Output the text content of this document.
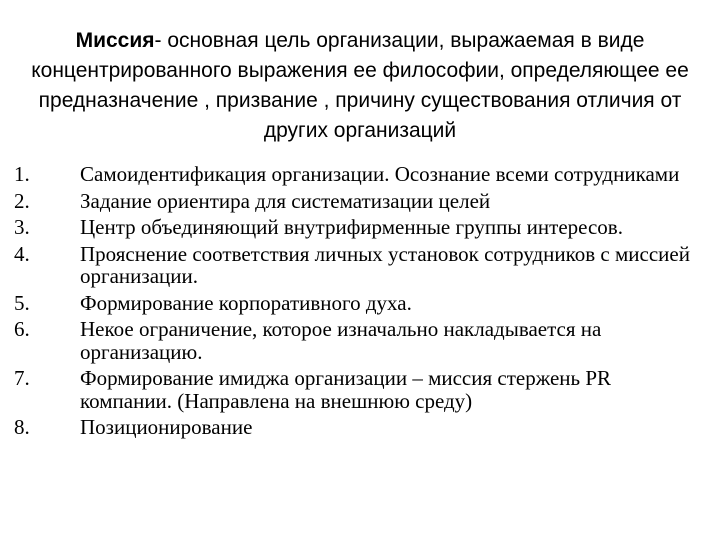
Миссия- основная цель организации, выражаемая в виде концентрированного выражения ее философии, определяющее ее предназначение , призвание , причину существования отличия от других организаций

1. Самоидентификация организации. Осознание всеми сотрудниками
2. Задание ориентира для систематизации целей
3. Центр объединяющий внутрифирменные группы интересов.
4. Прояснение соответствия личных установок сотрудников с миссией организации.
5. Формирование корпоративного духа.
6. Некое ограничение, которое изначально накладывается на организацию.
7. Формирование имиджа организации – миссия стержень PR компании. (Направлена на внешнюю среду)
8. Позиционирование
